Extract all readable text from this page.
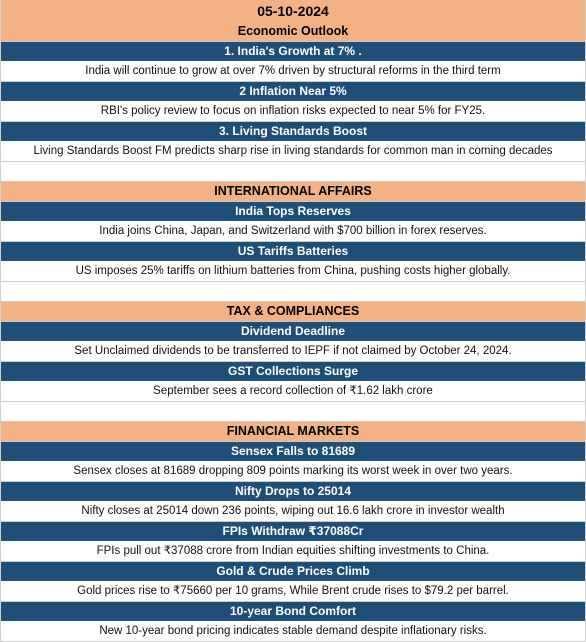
05-10-2024
Economic Outlook
1. India's Growth at 7% .
India will continue to grow at over 7% driven by structural reforms in the third term
2 Inflation Near 5%
RBI's policy review to focus on inflation risks expected to near 5% for FY25.
3. Living Standards Boost
Living Standards Boost FM predicts sharp rise in living standards for common man in coming decades
INTERNATIONAL AFFAIRS
India Tops Reserves
India joins China, Japan, and Switzerland with $700 billion in forex reserves.
US Tariffs Batteries
US imposes 25% tariffs on lithium batteries from China, pushing costs higher globally.
TAX & COMPLIANCES
Dividend Deadline
Set Unclaimed dividends to be transferred to IEPF if not claimed by October 24, 2024.
GST Collections Surge
September sees a record collection of ₹1.62 lakh crore
FINANCIAL MARKETS
Sensex Falls to 81689
Sensex closes at 81689 dropping 809 points marking its worst week in over two years.
Nifty Drops to 25014
Nifty closes at 25014 down 236 points, wiping out 16.6 lakh crore in investor wealth
FPIs Withdraw ₹37088Cr
FPIs pull out ₹37088 crore from Indian equities shifting investments to China.
Gold & Crude Prices Climb
Gold prices rise to ₹75660 per 10 grams, While Brent crude rises to $79.2 per barrel.
10-year Bond Comfort
New 10-year bond pricing indicates stable demand despite inflationary risks.
